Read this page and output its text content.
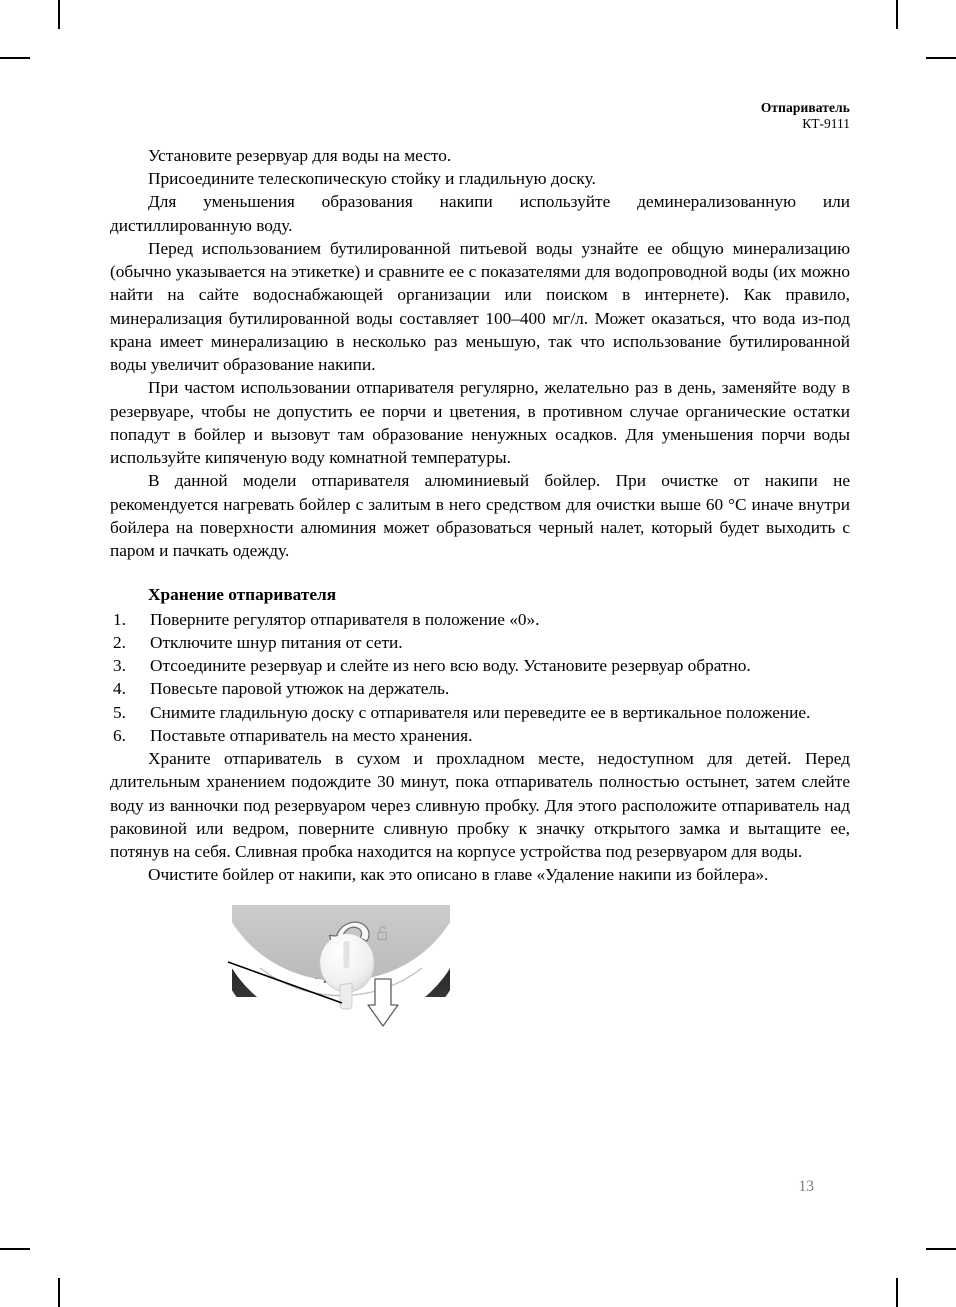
Отпариватель
КТ-9111

Установите резервуар для воды на место.

Присоедините телескопическую стойку и гладильную доску.

Для уменьшения образования накипи используйте деминерализованную или дистиллированную воду.

Перед использованием бутилированной питьевой воды узнайте ее общую минерализацию (обычно указывается на этикетке) и сравните ее с показателями для водопроводной воды (их можно найти на сайте водоснабжающей организации или поиском в интернете). Как правило, минерализация бутилированной воды составляет 100–400 мг/л. Может оказаться, что вода из-под крана имеет минерализацию в несколько раз меньшую, так что использование бутилированной воды увеличит образование накипи.

При частом использовании отпаривателя регулярно, желательно раз в день, заменяйте воду в резервуаре, чтобы не допустить ее порчи и цветения, в противном случае органические остатки попадут в бойлер и вызовут там образование ненужных осадков. Для уменьшения порчи воды используйте кипяченую воду комнатной температуры.

В данной модели отпаривателя алюминиевый бойлер. При очистке от накипи не рекомендуется нагревать бойлер с залитым в него средством для очистки выше 60 °C иначе внутри бойлера на поверхности алюминия может образоваться черный налет, который будет выходить с паром и пачкать одежду.

Хранение отпаривателя
1.	Поверните регулятор отпаривателя в положение «0».
2.	Отключите шнур питания от сети.
3.	Отсоедините резервуар и слейте из него всю воду. Установите резервуар обратно.
4.	Повесьте паровой утюжок на держатель.
5.	Снимите гладильную доску с отпаривателя или переведите ее в вертикальное положение.
6.	Поставьте отпариватель на место хранения.

Храните отпариватель в сухом и прохладном месте, недоступном для детей. Перед длительным хранением подождите 30 минут, пока отпариватель полностью остынет, затем слейте воду из ванночки под резервуаром через сливную пробку. Для этого расположите отпариватель над раковиной или ведром, поверните сливную пробку к значку открытого замка и вытащите ее, потянув на себя. Сливная пробка находится на корпусе устройства под резервуаром для воды.

Очистите бойлер от накипи, как это описано в главе «Удаление накипи из бойлера».

13
